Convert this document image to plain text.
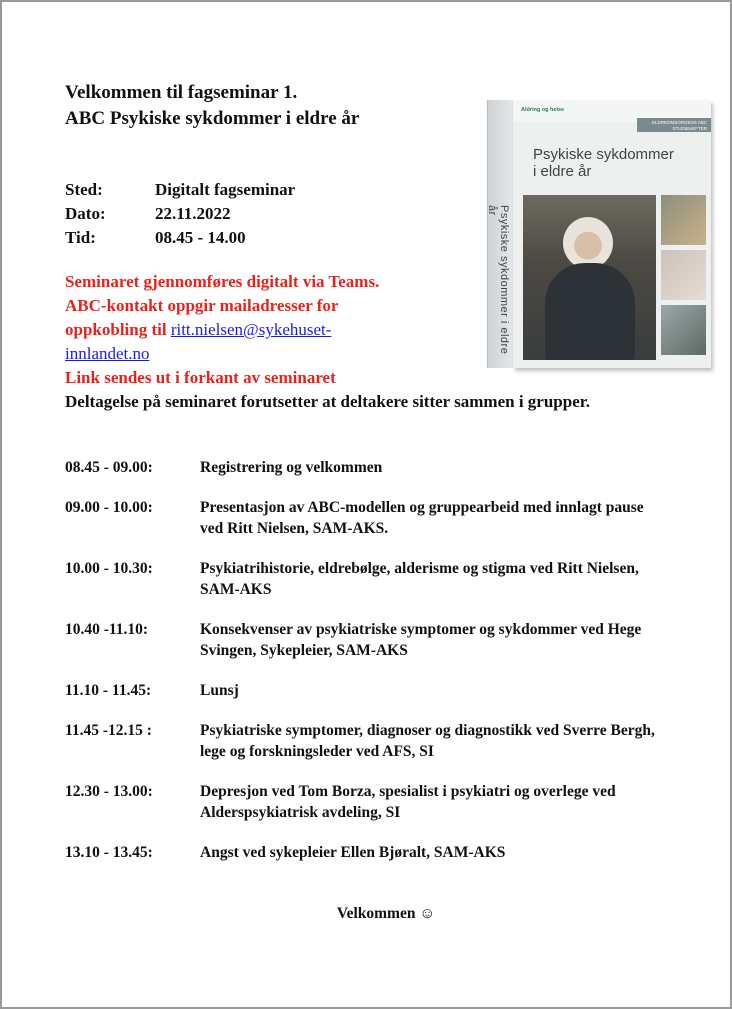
Velkommen til fagseminar 1.
ABC Psykiske sykdommer i eldre år
Sted:	Digitalt fagseminar
Dato:	22.11.2022
Tid:	08.45 - 14.00
Seminaret gjennomføres digitalt via Teams.
ABC-kontakt oppgir mailadresser for
oppkobling til ritt.nielsen@sykehuset-
innlandet.no
Link sendes ut i forkant av seminaret
Deltagelse på seminaret forutsetter at deltakere sitter sammen i grupper.
Psykiske sykdommer i eldre år
Aldring og helse
ELDREOMSORGENS ABC STUDIEHEFTER
Psykiske sykdommer
i eldre år
08.45 - 09.00:	Registrering og velkommen
09.00 - 10.00:	Presentasjon av ABC-modellen og gruppearbeid med innlagt pause ved Ritt Nielsen, SAM-AKS.
10.00 - 10.30:	Psykiatrihistorie, eldrebølge, alderisme og stigma ved Ritt Nielsen, SAM-AKS
10.40 -11.10:	Konsekvenser av psykiatriske symptomer og sykdommer ved Hege Svingen, Sykepleier, SAM-AKS
11.10 - 11.45:	Lunsj
11.45 -12.15 :	Psykiatriske symptomer, diagnoser og diagnostikk ved Sverre Bergh, lege og forskningsleder ved AFS, SI
12.30 - 13.00:	Depresjon ved Tom Borza, spesialist i psykiatri og overlege ved Alderspsykiatrisk avdeling, SI
13.10 - 13.45:	Angst ved sykepleier Ellen Bjøralt, SAM-AKS
Velkommen ☺
